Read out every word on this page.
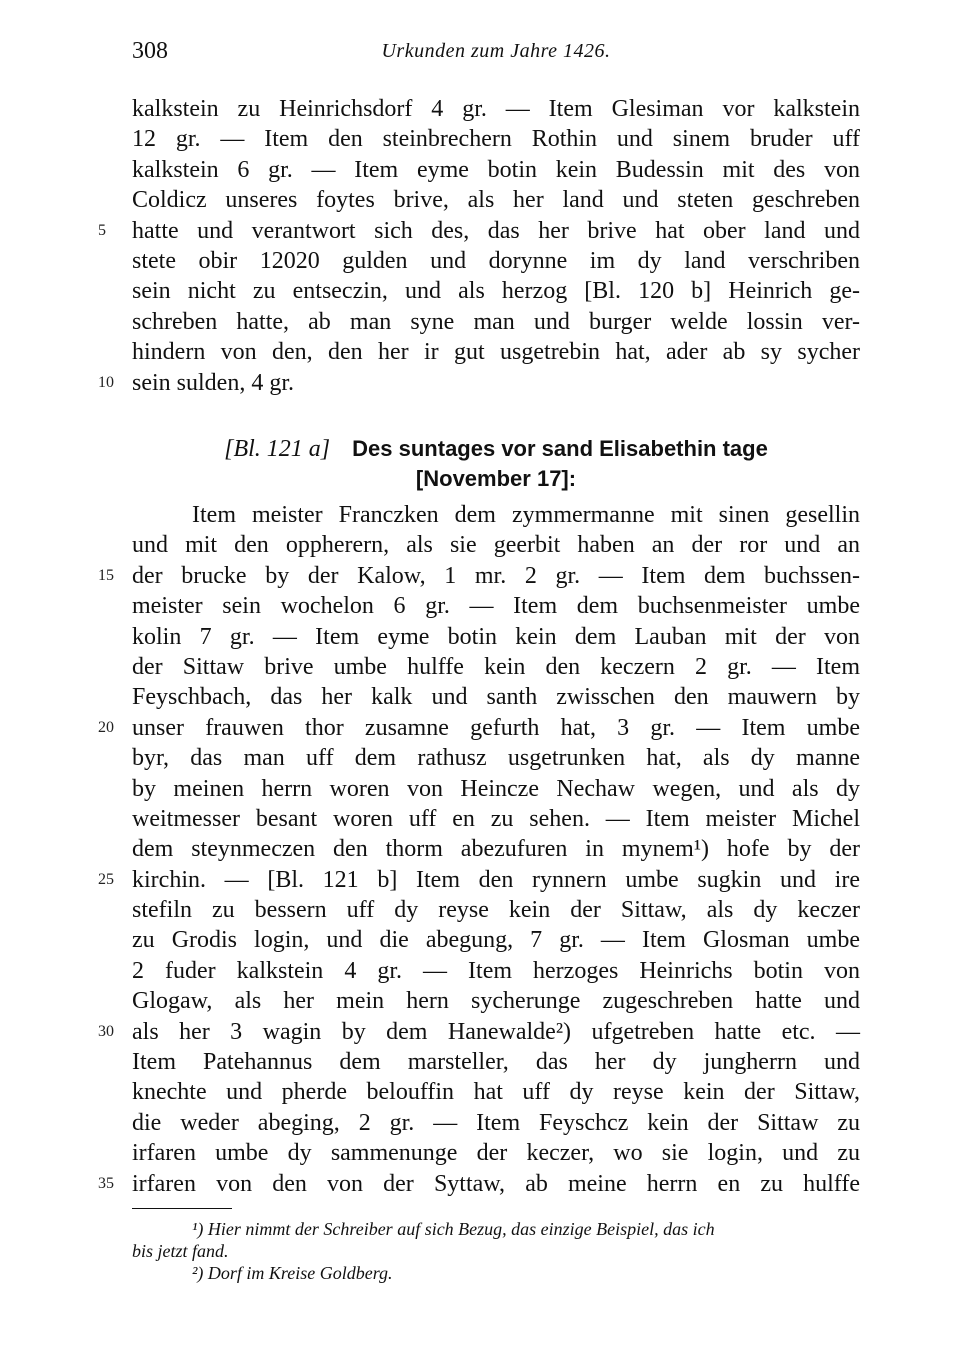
308	Urkunden zum Jahre 1426.
kalkstein zu Heinrichsdorf 4 gr. — Item Glesiman vor kalkstein
12 gr. — Item den steinbrechern Rothin und sinem bruder uff
kalkstein 6 gr. — Item eyme botin kein Budessin mit des von
Coldicz unseres foytes brive, als her land und steten geschreben
5	hatte und verantwort sich des, das her brive hat ober land und
stete obir 12020 gulden und dorynne im dy land verschriben
sein nicht zu entseczin, und als herzog [Bl. 120 b] Heinrich ge-
schreben hatte, ab man syne man und burger welde lossin ver-
hindern von den, den her ir gut usgetrebin hat, ader ab sy sycher
10 sein sulden, 4 gr.
[Bl. 121 a] Des suntages vor sand Elisabethin tage
[November 17]:
Item meister Franczken dem zymmermanne mit sinen gesellin
und mit den oppherern, als sie geerbit haben an der ror und an
15 der brucke by der Kalow, 1 mr. 2 gr. — Item dem buchssen-
meister sein wochelon 6 gr. — Item dem buchsenmeister umbe
kolin 7 gr. — Item eyme botin kein dem Lauban mit der von
der Sittaw brive umbe hulffe kein den keczern 2 gr. — Item
Feyschbach, das her kalk und santh zwisschen den mauwern by
20 unser frauwen thor zusamne gefurth hat, 3 gr. — Item umbe
byr, das man uff dem rathusz usgetrunken hat, als dy manne
by meinen herrn woren von Heincze Nechaw wegen, und als dy
weitmesser besant woren uff en zu sehen. — Item meister Michel
dem steynmeczen den thorm abezufuren in mynem¹) hofe by der
25 kirchin. — [Bl. 121 b] Item den rynnern umbe sugkin und ire
stefiln zu bessern uff dy reyse kein der Sittaw, als dy keczer
zu Grodis login, und die abegung, 7 gr. — Item Glosman umbe
2 fuder kalkstein 4 gr. — Item herzoges Heinrichs botin von
Glogaw, als her mein hern sycherunge zugeschreben hatte und
30 als her 3 wagin by dem Hanewalde²) ufgetreben hatte etc. —
Item Patehannus dem marsteller, das her dy jungherrn und
knechte und pherde belouffin hat uff dy reyse kein der Sittaw,
die weder abeging, 2 gr. — Item Feyschcz kein der Sittaw zu
irfaren umbe dy sammenunge der keczer, wo sie login, und zu
35 irfaren von den von der Syttaw, ab meine herrn en zu hulffe
¹) Hier nimmt der Schreiber auf sich Bezug, das einzige Beispiel, das ich
bis jetzt fand.
²) Dorf im Kreise Goldberg.
